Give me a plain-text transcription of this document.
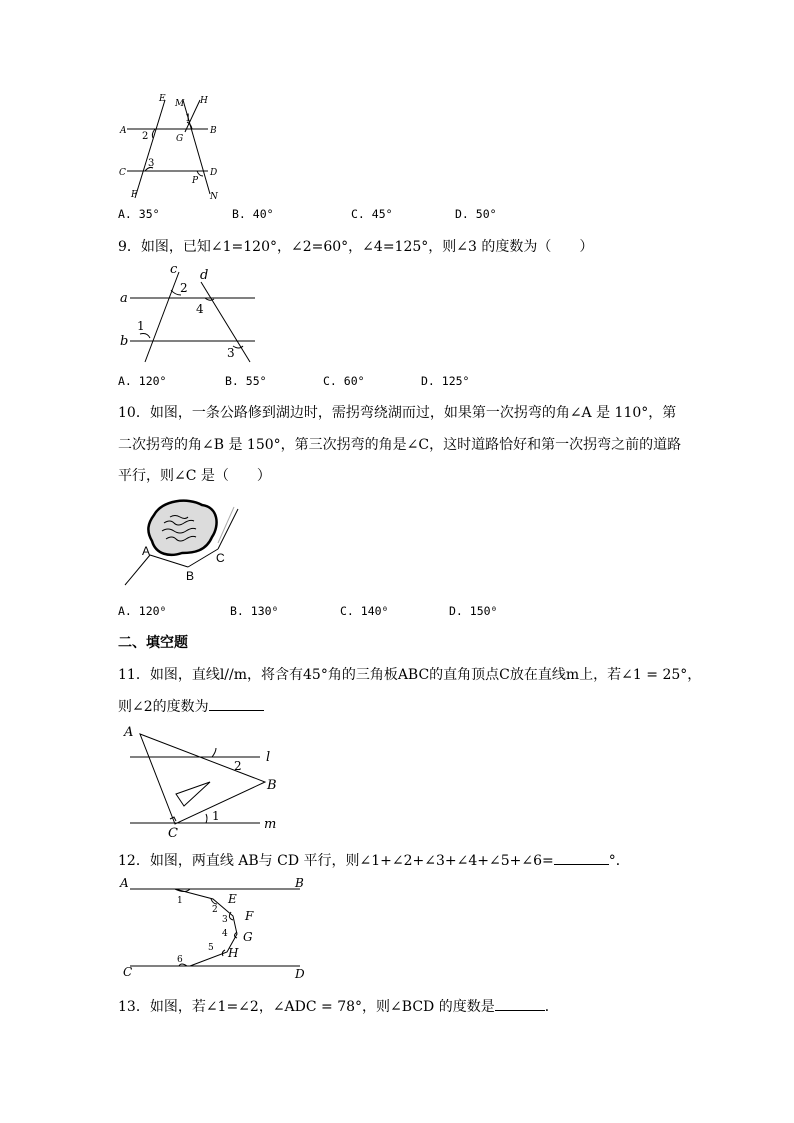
E M H
A	B
G
C	D
P
F	N
1
2
3
A. 35°	B. 40°	C. 45°	D. 50°
9．如图，已知∠1=120°，∠2=60°，∠4=125°，则∠3 的度数为（　　）
c d
a
b
1
2
3
4
A. 120°	B. 55°	C. 60°	D. 125°
10．如图，一条公路修到湖边时，需拐弯绕湖而过，如果第一次拐弯的角∠A 是 110°，第
二次拐弯的角∠B 是 150°，第三次拐弯的角是∠C，这时道路恰好和第一次拐弯之前的道路
平行，则∠C 是（　　）
A
B
C
A. 120⁰	B. 130⁰	C. 140⁰	D. 150⁰
二、填空题
11．如图，直线l//m，将含有45°角的三角板ABC的直角顶点C放在直线m上，若∠1 = 25°，
则∠2的度数为
A
B
C
l
m
1
2
12．如图，两直线 AB与 CD 平行，则∠1+∠2+∠3+∠4+∠5+∠6=	°．
A	B
C	D
E
F
G
H
1
2
3
4
5
6
13．如图，若∠1=∠2，∠ADC = 78°，则∠BCD 的度数是	．
